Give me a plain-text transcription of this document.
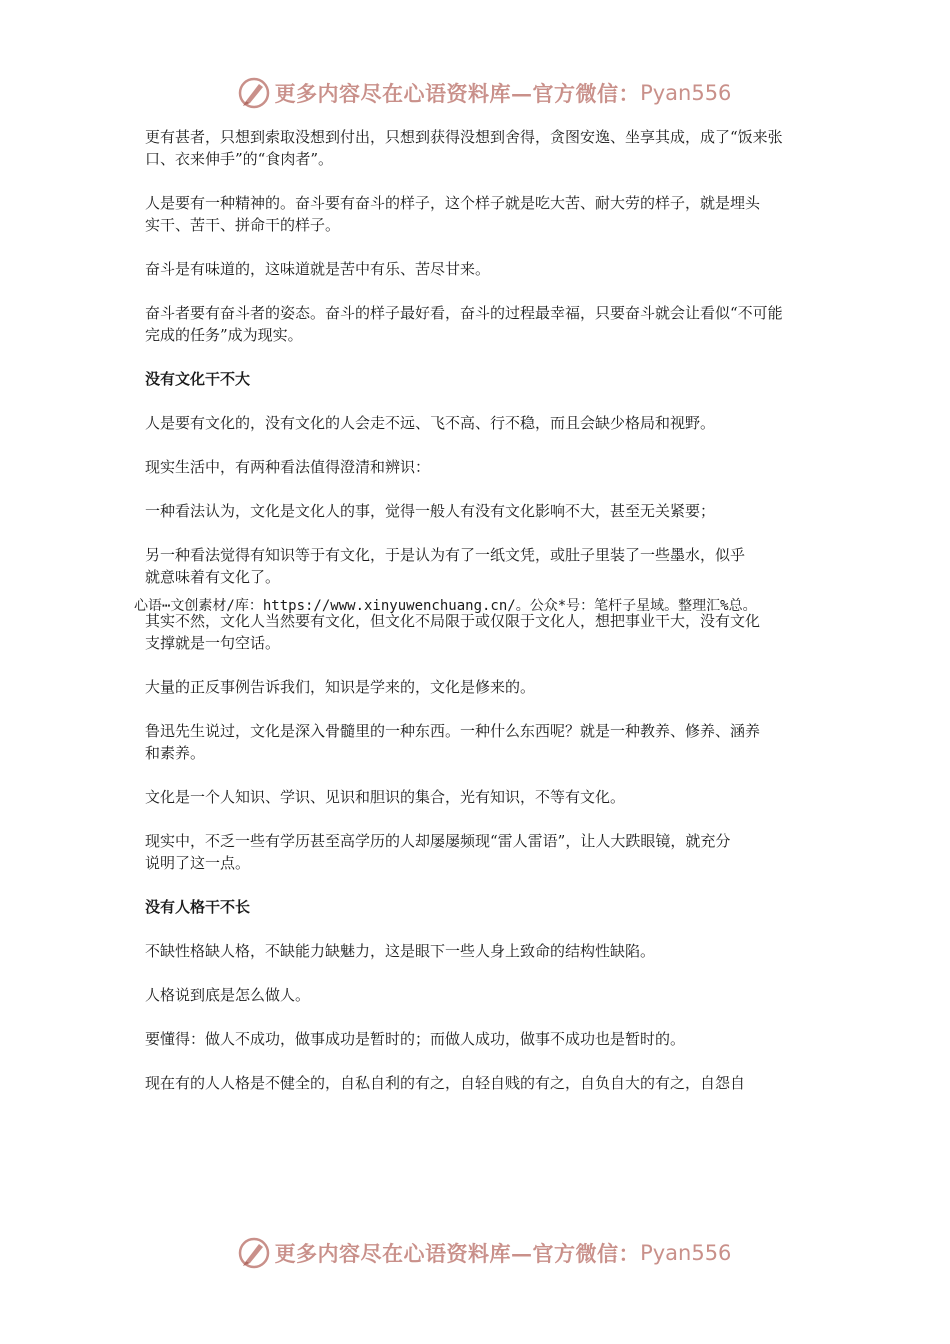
更多内容尽在心语资料库—官方微信： Pyan556
更有甚者，只想到索取没想到付出，只想到获得没想到舍得，贪图安逸、坐享其成，成了“饭来张
口、衣来伸手”的“食肉者”。
人是要有一种精神的。奋斗要有奋斗的样子，这个样子就是吃大苦、耐大劳的样子，就是埋头
实干、苦干、拼命干的样子。
奋斗是有味道的，这味道就是苦中有乐、苦尽甘来。
奋斗者要有奋斗者的姿态。奋斗的样子最好看，奋斗的过程最幸福，只要奋斗就会让看似“不可能
完成的任务”成为现实。
没有文化干不大
人是要有文化的，没有文化的人会走不远、飞不高、行不稳，而且会缺少格局和视野。
现实生活中，有两种看法值得澄清和辨识：
一种看法认为，文化是文化人的事，觉得一般人有没有文化影响不大，甚至无关紧要；
另一种看法觉得有知识等于有文化，于是认为有了一纸文凭，或肚子里装了一些墨水，似乎
就意味着有文化了。
其实不然，文化人当然要有文化，但文化不局限于或仅限于文化人，想把事业干大，没有文化
支撑就是一句空话。
大量的正反事例告诉我们，知识是学来的，文化是修来的。
鲁迅先生说过，文化是深入骨髓里的一种东西。一种什么东西呢？就是一种教养、修养、涵养
和素养。
文化是一个人知识、学识、见识和胆识的集合，光有知识，不等有文化。
现实中，不乏一些有学历甚至高学历的人却屡屡频现“雷人雷语”，让人大跌眼镜，就充分
说明了这一点。
没有人格干不长
不缺性格缺人格，不缺能力缺魅力，这是眼下一些人身上致命的结构性缺陷。
人格说到底是怎么做人。
要懂得：做人不成功，做事成功是暂时的；而做人成功，做事不成功也是暂时的。
现在有的人人格是不健全的，自私自利的有之，自轻自贱的有之，自负自大的有之，自怨自
心语⋯文创素材/库：https://www.xinyuwenchuang.cn/。公众*号：笔杆子星域。整理汇%总。
更多内容尽在心语资料库—官方微信： Pyan556
